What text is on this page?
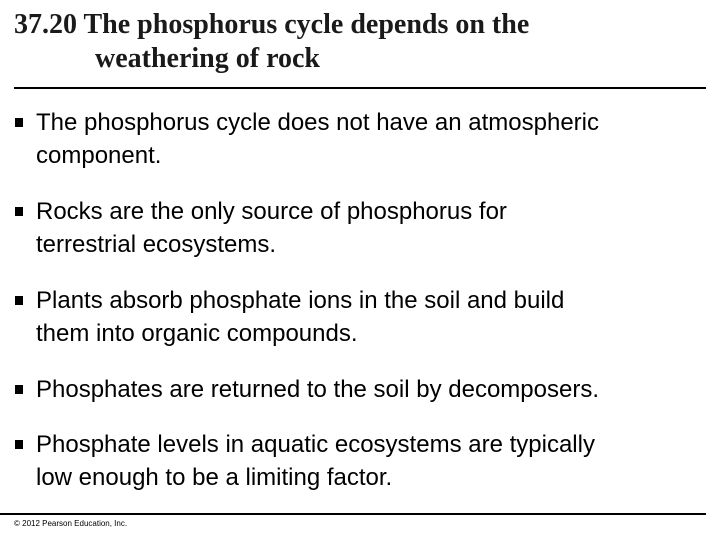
37.20 The phosphorus cycle depends on the
weathering of rock
The phosphorus cycle does not have an atmospheric
component.
Rocks are the only source of phosphorus for
terrestrial ecosystems.
Plants absorb phosphate ions in the soil and build
them into organic compounds.
Phosphates are returned to the soil by decomposers.
Phosphate levels in aquatic ecosystems are typically
low enough to be a limiting factor.
© 2012 Pearson Education, Inc.
